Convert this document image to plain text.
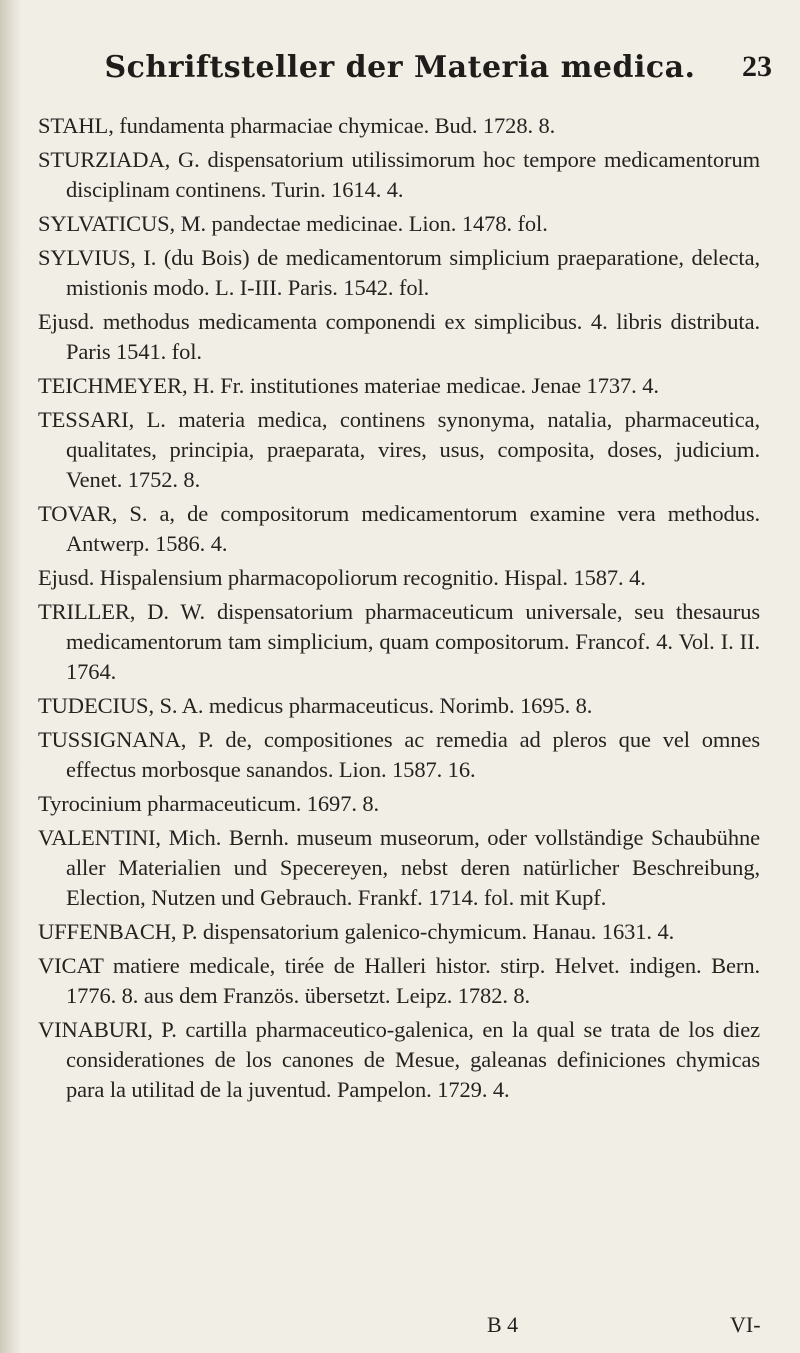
Schriftsteller der Materia medica.	23
STAHL, fundamenta pharmaciae chymicae. Bud. 1728. 8.
STURZIADA, G. dispensatorium utilissimorum hoc tempore medicamentorum disciplinam continens. Turin. 1614. 4.
SYLVATICUS, M. pandectae medicinae. Lion. 1478. fol.
SYLVIUS, I. (du Bois) de medicamentorum simplicium praeparatione, delecta, mistionis modo. L. I-III. Paris. 1542. fol.
Ejusd. methodus medicamenta componendi ex simplicibus. 4. libris distributa. Paris 1541. fol.
TEICHMEYER, H. Fr. institutiones materiae medicae. Jenae 1737. 4.
TESSARI, L. materia medica, continens synonyma, natalia, pharmaceutica, qualitates, principia, praeparata, vires, usus, composita, doses, judicium. Venet. 1752. 8.
TOVAR, S. a, de compositorum medicamentorum examine vera methodus. Antwerp. 1586. 4.
Ejusd. Hispalensium pharmacopoliorum recognitio. Hispal. 1587. 4.
TRILLER, D. W. dispensatorium pharmaceuticum universale, seu thesaurus medicamentorum tam simplicium, quam compositorum. Francof. 4. Vol. I. II. 1764.
TUDECIUS, S. A. medicus pharmaceuticus. Norimb. 1695. 8.
TUSSIGNANA, P. de, compositiones ac remedia ad pleros que vel omnes effectus morbosque sanandos. Lion. 1587. 16.
Tyrocinium pharmaceuticum. 1697. 8.
VALENTINI, Mich. Bernh. museum museorum, oder vollständige Schaubühne aller Materialien und Specereyen, nebst deren natürlicher Beschreibung, Election, Nutzen und Gebrauch. Frankf. 1714. fol. mit Kupf.
UFFENBACH, P. dispensatorium galenico-chymicum. Hanau. 1631. 4.
VICAT matiere medicale, tirée de Halleri histor. stirp. Helvet. indigen. Bern. 1776. 8. aus dem Französ. übersetzt. Leipz. 1782. 8.
VINABURI, P. cartilla pharmaceutico-galenica, en la qual se trata de los diez considerationes de los canones de Mesue, galeanas definiciones chymicas para la utilitad de la juventud. Pampelon. 1729. 4.
B 4	VI-
